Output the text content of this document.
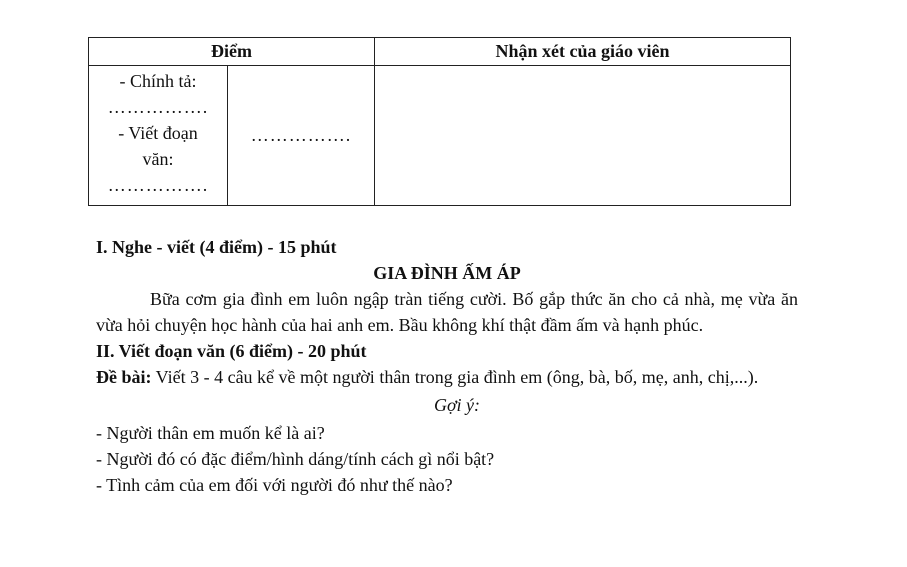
Điểm		Nhận xét của giáo viên

- Chính tả:
…………….
- Viết đoạn
văn:
…………….	…………….	

I. Nghe - viết (4 điểm) - 15 phút

GIA ĐÌNH ẤM ÁP

Bữa cơm gia đình em luôn ngập tràn tiếng cười. Bố gắp thức ăn cho cả nhà, mẹ vừa ăn vừa hỏi chuyện học hành của hai anh em. Bầu không khí thật đầm ấm và hạnh phúc.

II. Viết đoạn văn (6 điểm) - 20 phút

Đề bài: Viết 3 - 4 câu kể về một người thân trong gia đình em (ông, bà, bố, mẹ, anh, chị,...).

Gợi ý:

- Người thân em muốn kể là ai?

- Người đó có đặc điểm/hình dáng/tính cách gì nổi bật?

- Tình cảm của em đối với người đó như thế nào?
